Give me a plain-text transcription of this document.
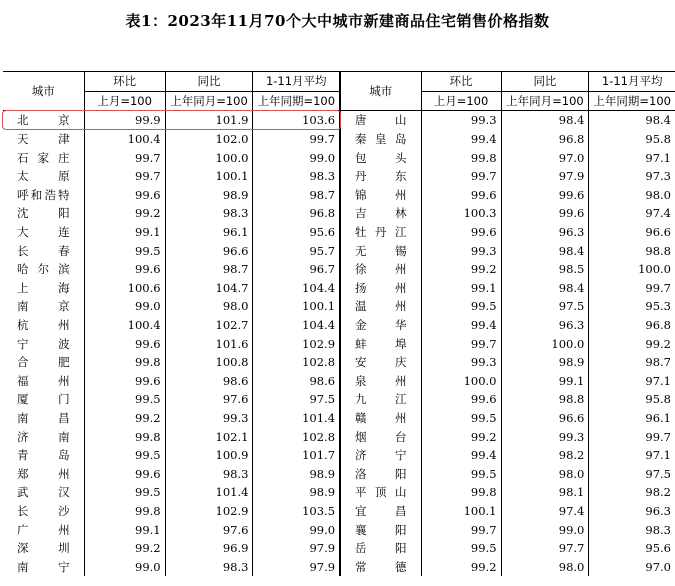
表1：2023年11月70个大中城市新建商品住宅销售价格指数
城市	环比	同比	1-11月平均	城市	环比	同比	1-11月平均
	上月=100	上年同月=100	上年同期=100		上月=100	上年同月=100	上年同期=100
北　京	99.9	101.9	103.6	唐　山	99.3	98.4	98.4
天　津	100.4	102.0	99.7	秦皇岛	99.4	96.8	95.8
石家庄	99.7	100.0	99.0	包　头	99.8	97.0	97.1
太　原	99.7	100.1	98.3	丹　东	99.7	97.9	97.3
呼和浩特	99.6	98.9	98.7	锦　州	99.6	99.6	98.0
沈　阳	99.2	98.3	96.8	吉　林	100.3	99.6	97.4
大　连	99.1	96.1	95.6	牡丹江	99.6	96.3	96.6
长　春	99.5	96.6	95.7	无　锡	99.3	98.4	98.8
哈尔滨	99.6	98.7	96.7	徐　州	99.2	98.5	100.0
上　海	100.6	104.7	104.4	扬　州	99.1	98.4	99.7
南　京	99.0	98.0	100.1	温　州	99.5	97.5	95.3
杭　州	100.4	102.7	104.4	金　华	99.4	96.3	96.8
宁　波	99.6	101.6	102.9	蚌　埠	99.7	100.0	99.2
合　肥	99.8	100.8	102.8	安　庆	99.3	98.9	98.7
福　州	99.6	98.6	98.6	泉　州	100.0	99.1	97.1
厦　门	99.5	97.6	97.5	九　江	99.6	98.8	95.8
南　昌	99.2	99.3	101.4	赣　州	99.5	96.6	96.1
济　南	99.8	102.1	102.8	烟　台	99.2	99.3	99.7
青　岛	99.5	100.9	101.7	济　宁	99.4	98.2	97.1
郑　州	99.6	98.3	98.9	洛　阳	99.5	98.0	97.5
武　汉	99.5	101.4	98.9	平顶山	99.8	98.1	98.2
长　沙	99.8	102.9	103.5	宜　昌	100.1	97.4	96.3
广　州	99.1	97.6	99.0	襄　阳	99.7	99.0	98.3
深　圳	99.2	96.9	97.9	岳　阳	99.5	97.7	95.6
南　宁	99.0	98.3	97.9	常　德	99.2	98.0	97.0
